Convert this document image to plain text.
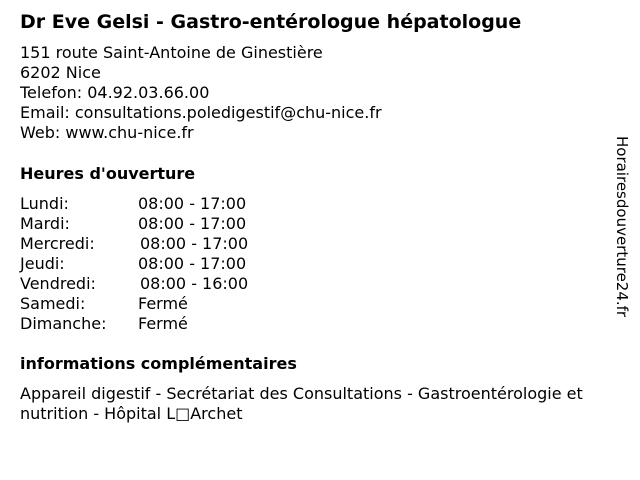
Dr Eve Gelsi - Gastro-entérologue hépatologue
151 route Saint-Antoine de Ginestière
6202 Nice
Telefon: 04.92.03.66.00
Email: consultations.poledigestif@chu-nice.fr
Web: www.chu-nice.fr
Heures d'ouverture
Lundi:	08:00 - 17:00
Mardi:	08:00 - 17:00
Mercredi:	08:00 - 17:00
Jeudi:	08:00 - 17:00
Vendredi:	08:00 - 16:00
Samedi:	Fermé
Dimanche: Fermé
informations complémentaires
Appareil digestif - Secrétariat des Consultations - Gastroentérologie et nutrition - Hôpital L□Archet
Horairesdouverture24.fr
